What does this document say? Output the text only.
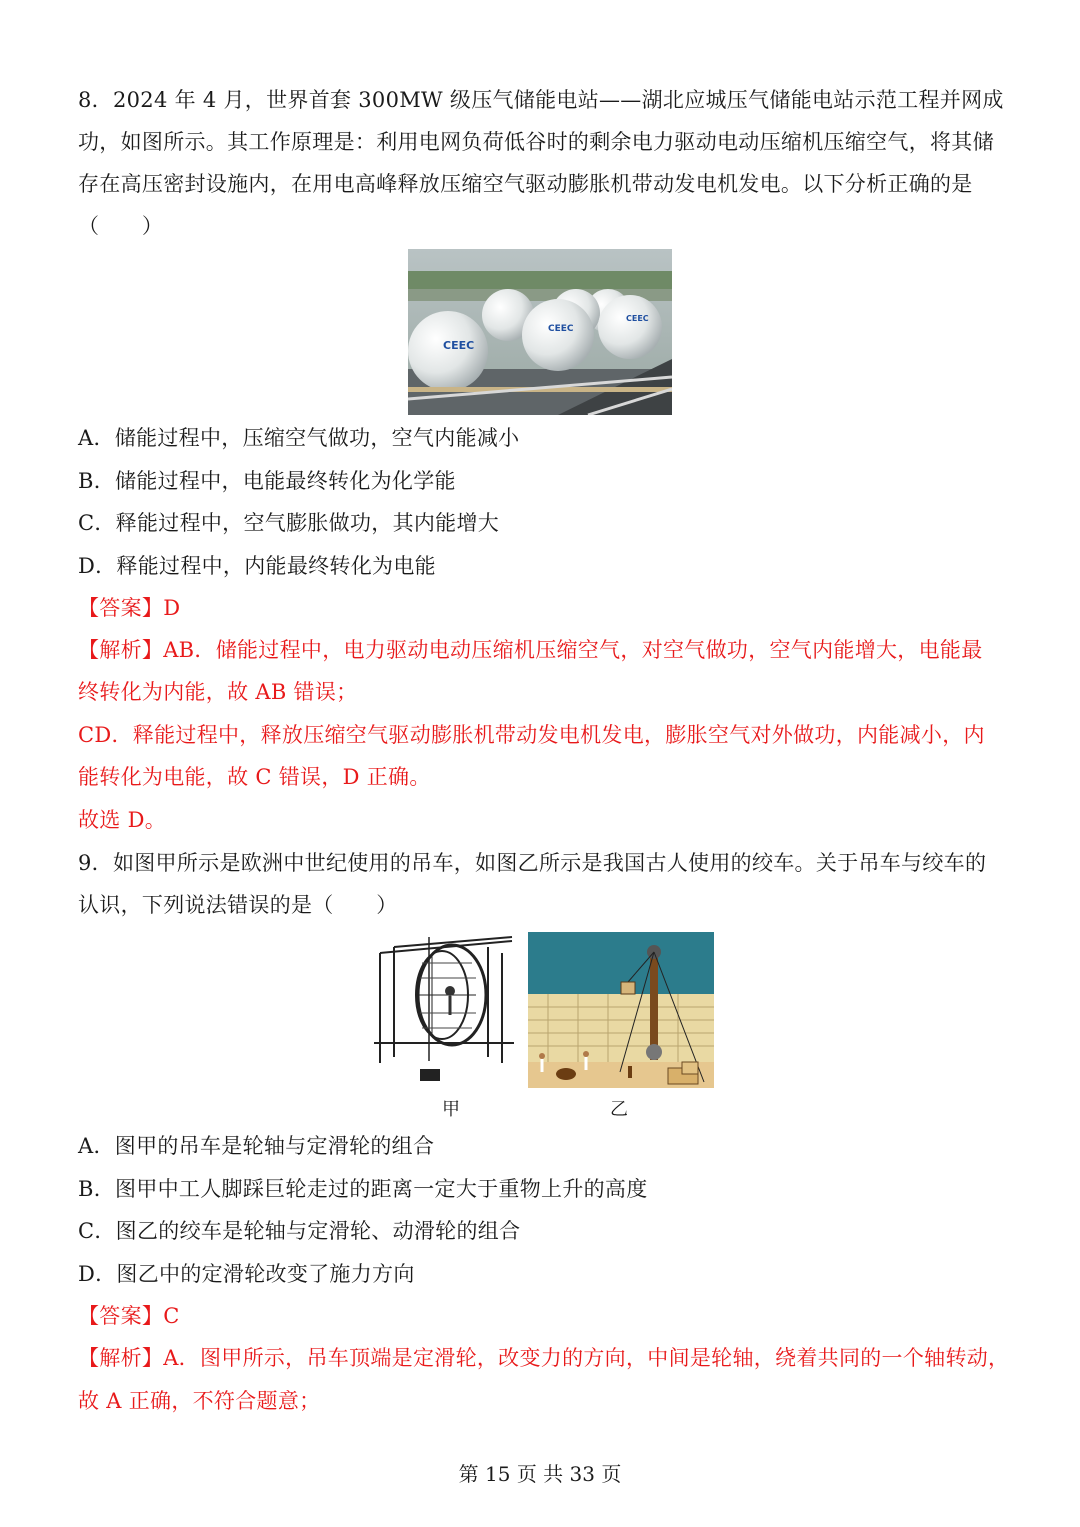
8．2024 年 4 月，世界首套 300MW 级压气储能电站——湖北应城压气储能电站示范工程并网成
功，如图所示。其工作原理是：利用电网负荷低谷时的剩余电力驱动电动压缩机压缩空气，将其储
存在高压密封设施内，在用电高峰释放压缩空气驱动膨胀机带动发电机发电。以下分析正确的是
（　　）
CEEC
CEEC
CEEC
A．储能过程中，压缩空气做功，空气内能减小
B．储能过程中，电能最终转化为化学能
C．释能过程中，空气膨胀做功，其内能增大
D．释能过程中，内能最终转化为电能
【答案】D
【解析】AB．储能过程中，电力驱动电动压缩机压缩空气，对空气做功，空气内能增大，电能最
终转化为内能，故 AB 错误；
CD．释能过程中，释放压缩空气驱动膨胀机带动发电机发电，膨胀空气对外做功，内能减小，内
能转化为电能，故 C 错误，D 正确。
故选 D。
9．如图甲所示是欧洲中世纪使用的吊车，如图乙所示是我国古人使用的绞车。关于吊车与绞车的
认识，下列说法错误的是（　　）
甲	乙
A．图甲的吊车是轮轴与定滑轮的组合
B．图甲中工人脚踩巨轮走过的距离一定大于重物上升的高度
C．图乙的绞车是轮轴与定滑轮、动滑轮的组合
D．图乙中的定滑轮改变了施力方向
【答案】C
【解析】A．图甲所示，吊车顶端是定滑轮，改变力的方向，中间是轮轴，绕着共同的一个轴转动，
故 A 正确，不符合题意；
第 15 页 共 33 页
